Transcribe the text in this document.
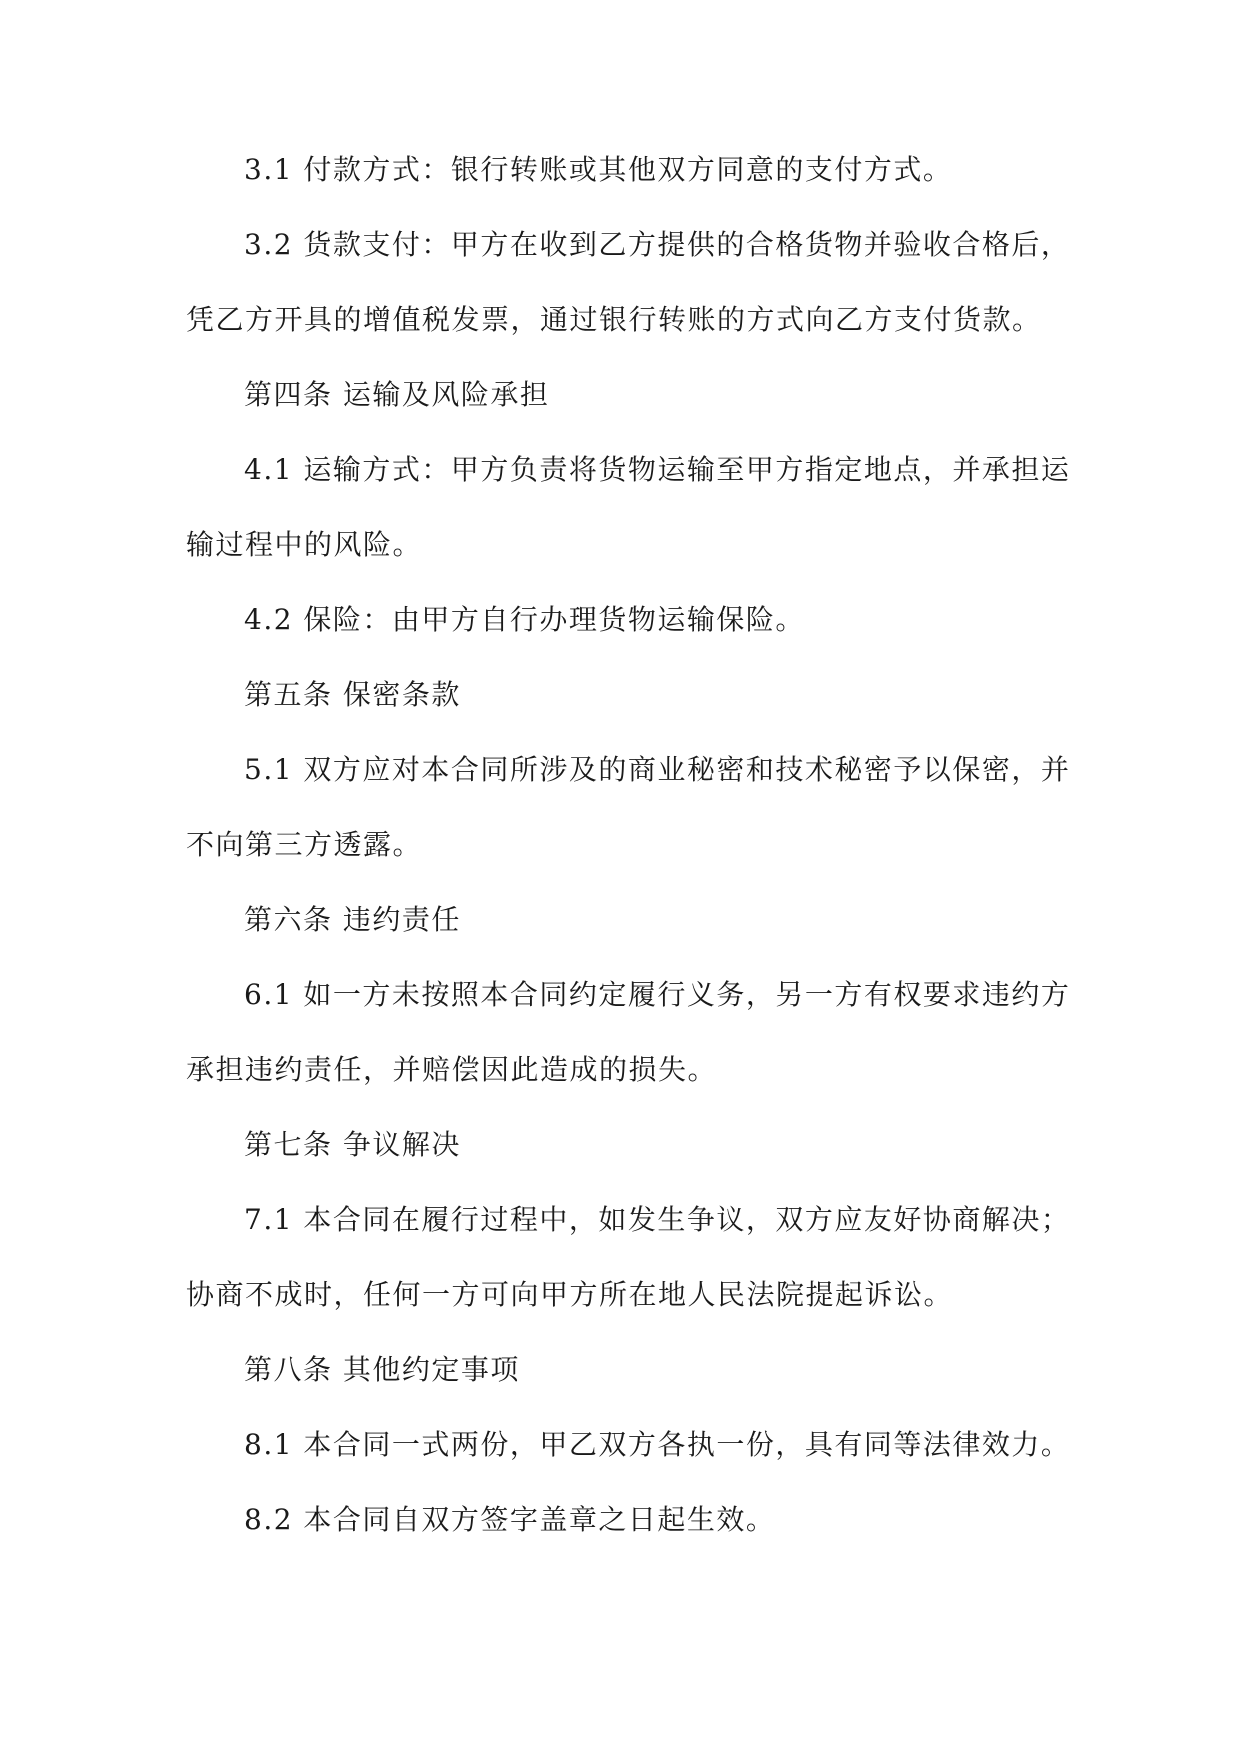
3.1 付款方式：银行转账或其他双方同意的支付方式。
3.2 货款支付：甲方在收到乙方提供的合格货物并验收合格后，
凭乙方开具的增值税发票，通过银行转账的方式向乙方支付货款。
第四条 运输及风险承担
4.1 运输方式：甲方负责将货物运输至甲方指定地点，并承担运
输过程中的风险。
4.2 保险：由甲方自行办理货物运输保险。
第五条 保密条款
5.1 双方应对本合同所涉及的商业秘密和技术秘密予以保密，并
不向第三方透露。
第六条 违约责任
6.1 如一方未按照本合同约定履行义务，另一方有权要求违约方
承担违约责任，并赔偿因此造成的损失。
第七条 争议解决
7.1 本合同在履行过程中，如发生争议，双方应友好协商解决；
协商不成时，任何一方可向甲方所在地人民法院提起诉讼。
第八条 其他约定事项
8.1 本合同一式两份，甲乙双方各执一份，具有同等法律效力。
8.2 本合同自双方签字盖章之日起生效。
